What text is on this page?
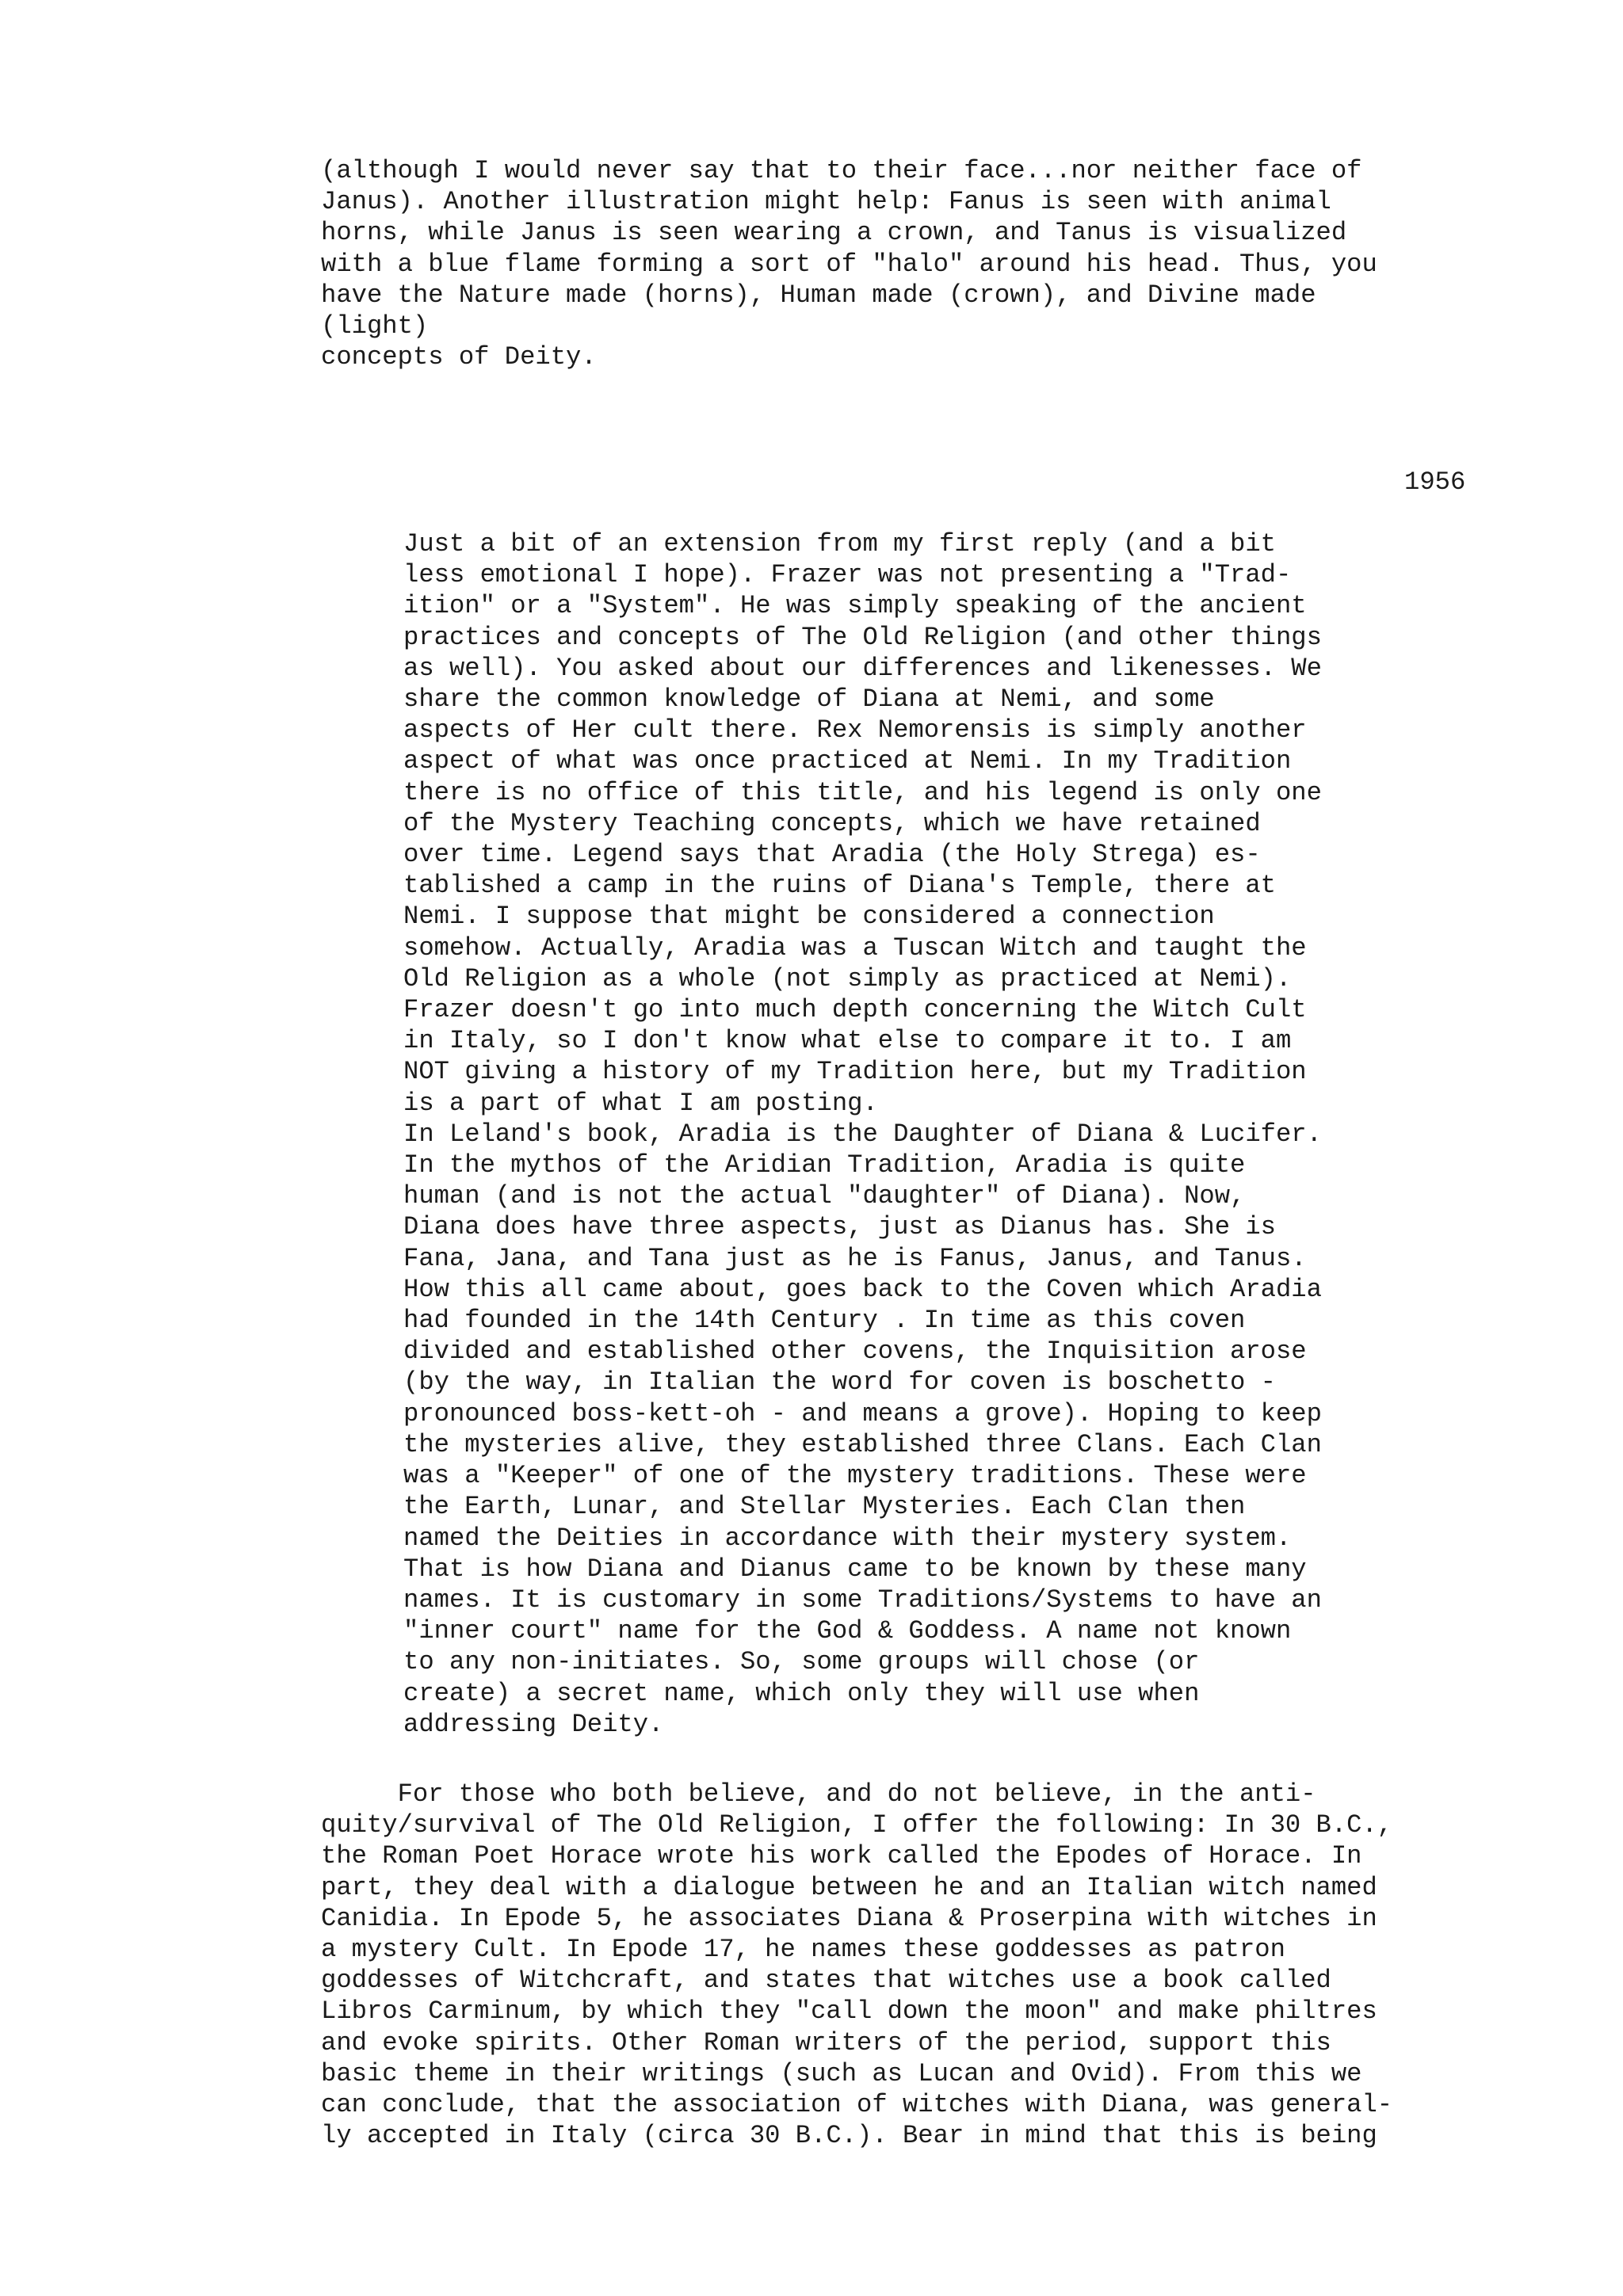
(although I would never say that to their face...nor neither face of
Janus). Another illustration might help: Fanus is seen with animal
horns, while Janus is seen wearing a crown, and Tanus is visualized
with a blue flame forming a sort of "halo" around his head. Thus, you
have the Nature made (horns), Human made (crown), and Divine made
(light)
concepts of Deity.
1956
Just a bit of an extension from my first reply (and a bit
less emotional I hope). Frazer was not presenting a "Trad-
ition" or a "System". He was simply speaking of the ancient
practices and concepts of The Old Religion (and other things
as well). You asked about our differences and likenesses. We
share the common knowledge of Diana at Nemi, and some
aspects of Her cult there. Rex Nemorensis is simply another
aspect of what was once practiced at Nemi. In my Tradition
there is no office of this title, and his legend is only one
of the Mystery Teaching concepts, which we have retained
over time. Legend says that Aradia (the Holy Strega) es-
tablished a camp in the ruins of Diana's Temple, there at
Nemi. I suppose that might be considered a connection
somehow. Actually, Aradia was a Tuscan Witch and taught the
Old Religion as a whole (not simply as practiced at Nemi).
Frazer doesn't go into much depth concerning the Witch Cult
in Italy, so I don't know what else to compare it to. I am
NOT giving a history of my Tradition here, but my Tradition
is a part of what I am posting.
In Leland's book, Aradia is the Daughter of Diana & Lucifer.
In the mythos of the Aridian Tradition, Aradia is quite
human (and is not the actual "daughter" of Diana). Now,
Diana does have three aspects, just as Dianus has. She is
Fana, Jana, and Tana just as he is Fanus, Janus, and Tanus.
How this all came about, goes back to the Coven which Aradia
had founded in the 14th Century . In time as this coven
divided and established other covens, the Inquisition arose
(by the way, in Italian the word for coven is boschetto -
pronounced boss-kett-oh - and means a grove). Hoping to keep
the mysteries alive, they established three Clans. Each Clan
was a "Keeper" of one of the mystery traditions. These were
the Earth, Lunar, and Stellar Mysteries. Each Clan then
named the Deities in accordance with their mystery system.
That is how Diana and Dianus came to be known by these many
names. It is customary in some Traditions/Systems to have an
"inner court" name for the God & Goddess. A name not known
to any non-initiates. So, some groups will chose (or
create) a secret name, which only they will use when
addressing Deity.
For those who both believe, and do not believe, in the anti-
quity/survival of The Old Religion, I offer the following: In 30 B.C.,
the Roman Poet Horace wrote his work called the Epodes of Horace. In
part, they deal with a dialogue between he and an Italian witch named
Canidia. In Epode 5, he associates Diana & Proserpina with witches in
a mystery Cult. In Epode 17, he names these goddesses as patron
goddesses of Witchcraft, and states that witches use a book called
Libros Carminum, by which they "call down the moon" and make philtres
and evoke spirits. Other Roman writers of the period, support this
basic theme in their writings (such as Lucan and Ovid). From this we
can conclude, that the association of witches with Diana, was general-
ly accepted in Italy (circa 30 B.C.). Bear in mind that this is being
